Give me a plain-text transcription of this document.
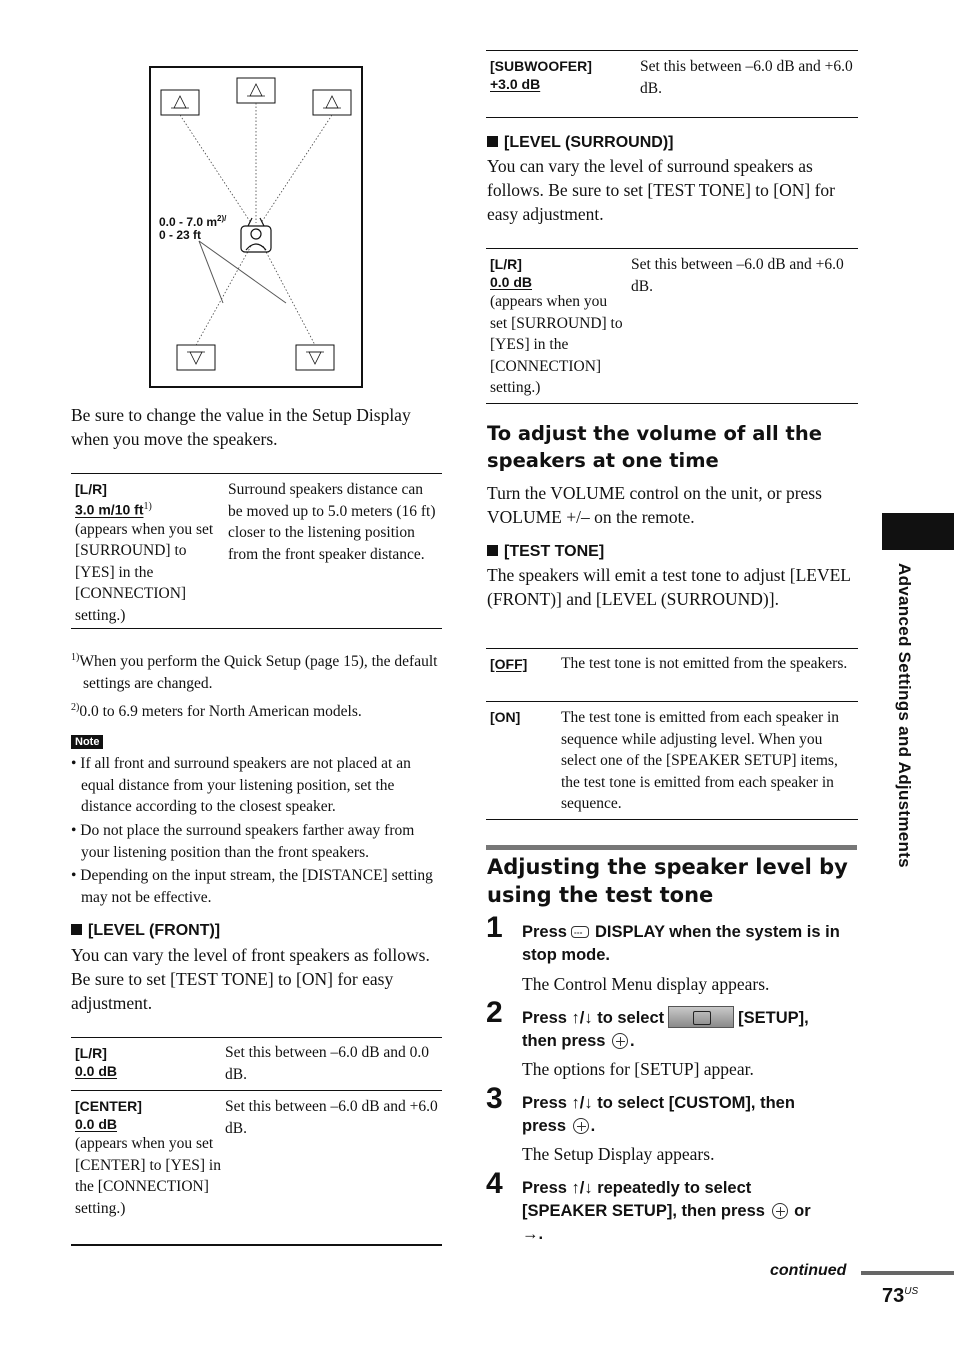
0.0 - 7.0 $m^{2)/}$
0 - 23 ft
Be sure to change the value in the Setup Display when you move the speakers.
[L/R]
3.0 m/10 $ft^{1)}$
(appears when you set [SURROUND] to [YES] in the [CONNECTION] setting.)
Surround speakers distance can be moved up to 5.0 meters (16 ft) closer to the listening position from the front speaker distance.
$^{1)}$When you perform the Quick Setup (page 15), the default settings are changed.
$^{2)}$0.0 to 6.9 meters for North American models.
Note
• If all front and surround speakers are not placed at an equal distance from your listening position, set the distance according to the closest speaker.
• Do not place the surround speakers farther away from your listening position than the front speakers.
• Depending on the input stream, the [DISTANCE] setting may not be effective.
[LEVEL (FRONT)]
You can vary the level of front speakers as follows. Be sure to set [TEST TONE] to [ON] for easy adjustment.
[L/R]
0.0 dB
Set this between –6.0 dB and 0.0 dB.
[CENTER]
0.0 dB
(appears when you set [CENTER] to [YES] in the [CONNECTION] setting.)
Set this between –6.0 dB and +6.0 dB.
[SUBWOOFER]
+3.0 dB
Set this between –6.0 dB and +6.0 dB.
[LEVEL (SURROUND)]
You can vary the level of surround speakers as follows. Be sure to set [TEST TONE] to [ON] for easy adjustment.
[L/R]
0.0 dB
(appears when you set [SURROUND] to [YES] in the [CONNECTION] setting.)
Set this between –6.0 dB and +6.0 dB.
To adjust the volume of all the speakers at one time
Turn the VOLUME control on the unit, or press VOLUME +/– on the remote.
[TEST TONE]
The speakers will emit a test tone to adjust [LEVEL (FRONT)] and [LEVEL (SURROUND)].
[OFF] The test tone is not emitted from the speakers.
[ON]	The test tone is emitted from each speaker in sequence while adjusting level. When you select one of the [SPEAKER SETUP] items, the test tone is emitted from each speaker in sequence.
Adjusting the speaker level by using the test tone
1 Press- - - DISPLAY when the system is in stop mode.
The Control Menu display appears.
2 Press ↑/↓ to select	[SETUP],
then press .
The options for [SETUP] appear.
3 Press ↑/↓ to select [CUSTOM], then
press .
The Setup Display appears.
4 Press ↑/↓ repeatedly to select
[SPEAKER SETUP], then press or
→.
Advanced Settings and Adjustments
continued
$73^{US}$
